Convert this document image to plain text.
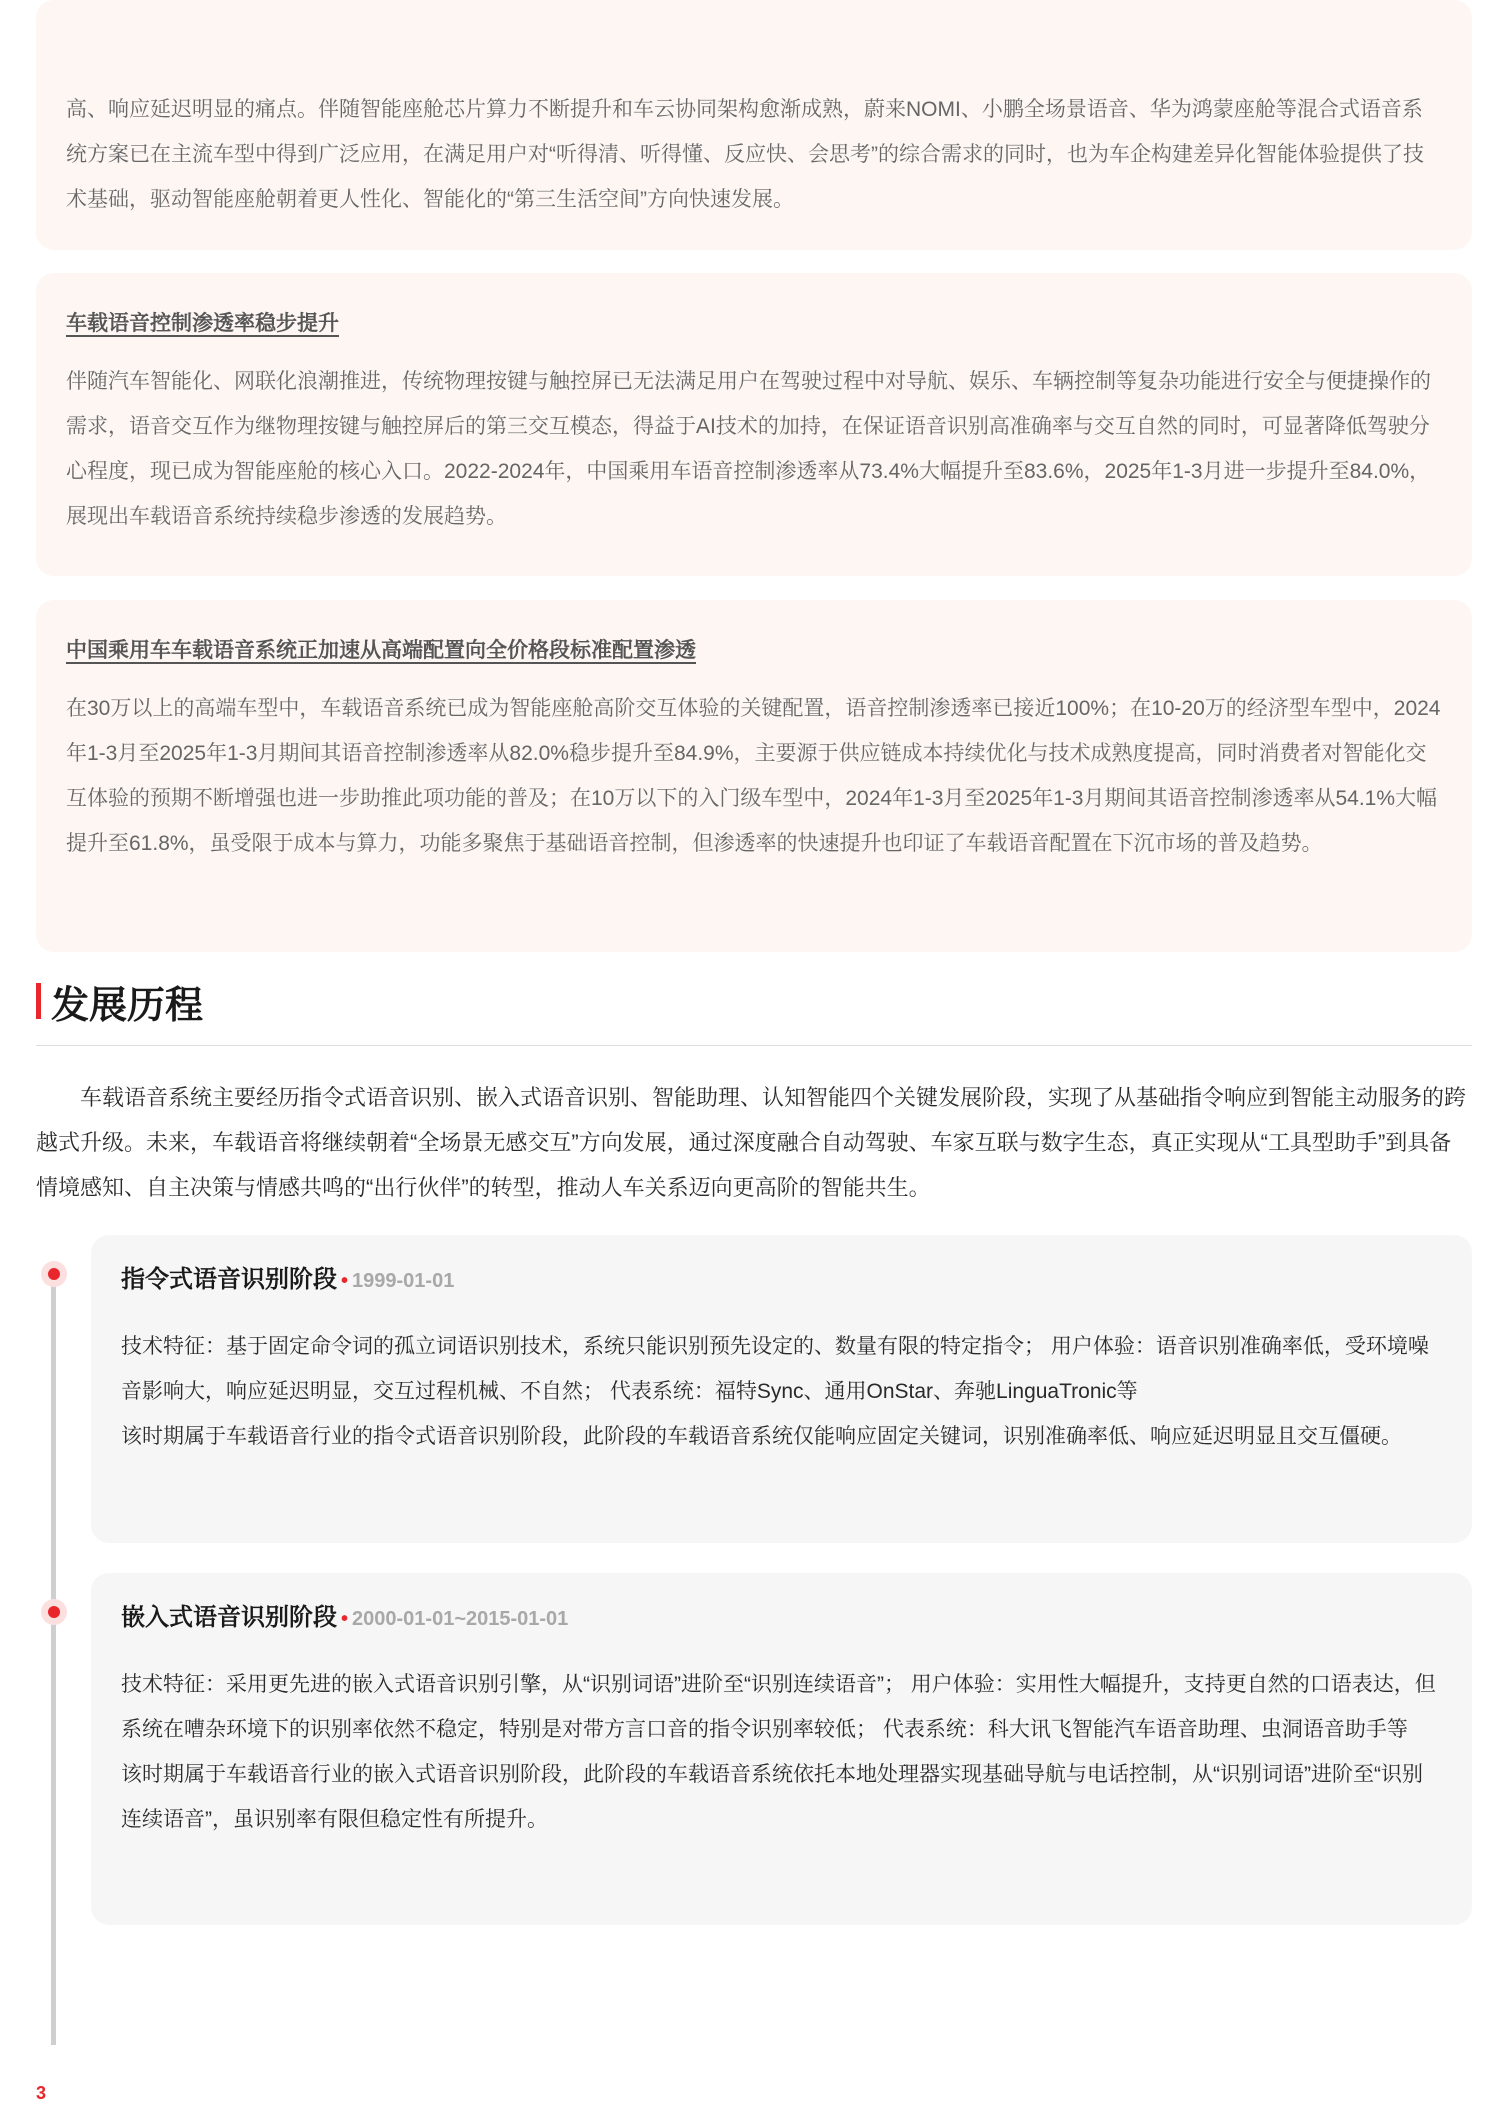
高、响应延迟明显的痛点。伴随智能座舱芯片算力不断提升和车云协同架构愈渐成熟，蔚来NOMI、小鹏全场景语音、华为鸿蒙座舱等混合式语音系统方案已在主流车型中得到广泛应用，在满足用户对“听得清、听得懂、反应快、会思考”的综合需求的同时，也为车企构建差异化智能体验提供了技术基础，驱动智能座舱朝着更人性化、智能化的“第三生活空间”方向快速发展。

车载语音控制渗透率稳步提升

伴随汽车智能化、网联化浪潮推进，传统物理按键与触控屏已无法满足用户在驾驶过程中对导航、娱乐、车辆控制等复杂功能进行安全与便捷操作的需求，语音交互作为继物理按键与触控屏后的第三交互模态，得益于AI技术的加持，在保证语音识别高准确率与交互自然的同时，可显著降低驾驶分心程度，现已成为智能座舱的核心入口。2022-2024年，中国乘用车语音控制渗透率从73.4%大幅提升至83.6%，2025年1-3月进一步提升至84.0%，展现出车载语音系统持续稳步渗透的发展趋势。

中国乘用车车载语音系统正加速从高端配置向全价格段标准配置渗透

在30万以上的高端车型中，车载语音系统已成为智能座舱高阶交互体验的关键配置，语音控制渗透率已接近100%；在10-20万的经济型车型中，2024年1-3月至2025年1-3月期间其语音控制渗透率从82.0%稳步提升至84.9%，主要源于供应链成本持续优化与技术成熟度提高，同时消费者对智能化交互体验的预期不断增强也进一步助推此项功能的普及；在10万以下的入门级车型中，2024年1-3月至2025年1-3月期间其语音控制渗透率从54.1%大幅提升至61.8%，虽受限于成本与算力，功能多聚焦于基础语音控制，但渗透率的快速提升也印证了车载语音配置在下沉市场的普及趋势。

发展历程

车载语音系统主要经历指令式语音识别、嵌入式语音识别、智能助理、认知智能四个关键发展阶段，实现了从基础指令响应到智能主动服务的跨越式升级。未来，车载语音将继续朝着“全场景无感交互”方向发展，通过深度融合自动驾驶、车家互联与数字生态，真正实现从“工具型助手”到具备情境感知、自主决策与情感共鸣的“出行伙伴”的转型，推动人车关系迈向更高阶的智能共生。

指令式语音识别阶段 • 1999-01-01

技术特征：基于固定命令词的孤立词语识别技术，系统只能识别预先设定的、数量有限的特定指令； 用户体验：语音识别准确率低，受环境噪音影响大，响应延迟明显，交互过程机械、不自然； 代表系统：福特Sync、通用OnStar、奔驰LinguaTronic等

该时期属于车载语音行业的指令式语音识别阶段，此阶段的车载语音系统仅能响应固定关键词，识别准确率低、响应延迟明显且交互僵硬。

嵌入式语音识别阶段 • 2000-01-01~2015-01-01

技术特征：采用更先进的嵌入式语音识别引擎，从“识别词语”进阶至“识别连续语音”； 用户体验：实用性大幅提升，支持更自然的口语表达，但系统在嘈杂环境下的识别率依然不稳定，特别是对带方言口音的指令识别率较低； 代表系统：科大讯飞智能汽车语音助理、虫洞语音助手等

该时期属于车载语音行业的嵌入式语音识别阶段，此阶段的车载语音系统依托本地处理器实现基础导航与电话控制，从“识别词语”进阶至“识别连续语音”，虽识别率有限但稳定性有所提升。

3
